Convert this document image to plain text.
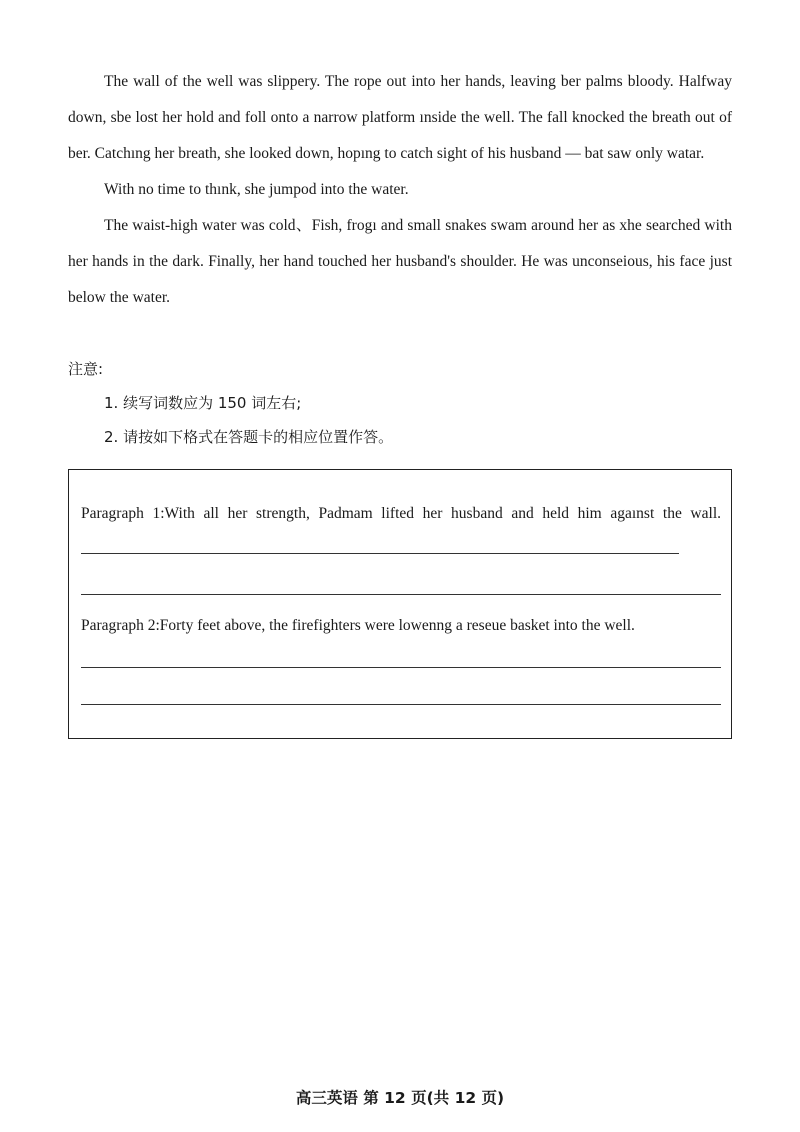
The wall of the well was slippery. The rope out into her hands, leaving ber palms bloody. Halfway down, sbe lost her hold and foll onto a narrow platform ınside the well. The fall knocked the breath out of ber. Catchıng her breath, she looked down, hopıng to catch sight of his husband — bat saw only watar.

With no time to thınk, she jumpod into the water.

The waist-high water was cold、Fish, frogı and small snakes swam around her as xhe searched with her hands in the dark. Finally, her hand touched her husband's shoulder. He was unconseious, his face just below the water.

注意:

1. 续写词数应为 150 词左右;

2. 请按如下格式在答题卡的相应位置作答。

Paragraph 1:With all her strength, Padmam lifted her husband and held him agaınst the wall.
Paragraph 2:Forty feet above, the firefighters were lowenng a reseue basket into the well.
高三英语 第 12 页(共 12 页)
